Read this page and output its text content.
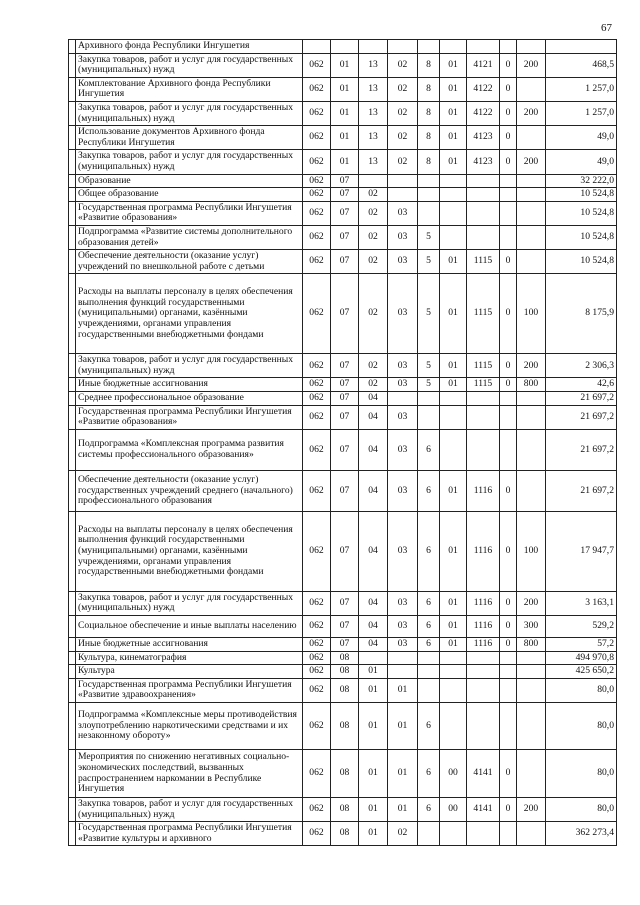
67
	Архивного фонда Республики Ингушетия										
	Закупка товаров, работ и услуг для государственных (муниципальных) нужд	062	01	13	02	8	01	4121	0	200	468,5
	Комплектование Архивного фонда Республики Ингушетия	062	01	13	02	8	01	4122	0		1 257,0
	Закупка товаров, работ и услуг для государственных (муниципальных) нужд	062	01	13	02	8	01	4122	0	200	1 257,0
	Использование документов Архивного фонда Республики Ингушетия	062	01	13	02	8	01	4123	0		49,0
	Закупка товаров, работ и услуг для государственных (муниципальных) нужд	062	01	13	02	8	01	4123	0	200	49,0
	Образование	062	07								32 222,0
	Общее образование	062	07	02							10 524,8
	Государственная программа Республики Ингушетия «Развитие образования»	062	07	02	03						10 524,8
	Подпрограмма «Развитие системы дополнительного образования детей»	062	07	02	03	5					10 524,8
	Обеспечение деятельности (оказание услуг) учреждений по внешкольной работе с детьми	062	07	02	03	5	01	1115	0		10 524,8
	Расходы на выплаты персоналу в целях обеспечения выполнения функций государственными (муниципальными) органами, казёнными учреждениями, органами управления государственными внебюджетными фондами	062	07	02	03	5	01	1115	0	100	8 175,9
	Закупка товаров, работ и услуг для государственных (муниципальных) нужд	062	07	02	03	5	01	1115	0	200	2 306,3
	Иные бюджетные ассигнования	062	07	02	03	5	01	1115	0	800	42,6
	Среднее профессиональное образование	062	07	04							21 697,2
	Государственная программа Республики Ингушетия «Развитие образования»	062	07	04	03						21 697,2
	Подпрограмма «Комплексная программа развития системы профессионального образования»	062	07	04	03	6					21 697,2
	Обеспечение деятельности (оказание услуг) государственных учреждений среднего (начального) профессионального образования	062	07	04	03	6	01	1116	0		21 697,2
	Расходы на выплаты персоналу в целях обеспечения выполнения функций государственными (муниципальными) органами, казёнными учреждениями, органами управления государственными внебюджетными фондами	062	07	04	03	6	01	1116	0	100	17 947,7
	Закупка товаров, работ и услуг для государственных (муниципальных) нужд	062	07	04	03	6	01	1116	0	200	3 163,1
	Социальное обеспечение и иные выплаты населению	062	07	04	03	6	01	1116	0	300	529,2
	Иные бюджетные ассигнования	062	07	04	03	6	01	1116	0	800	57,2
	Культура, кинематография	062	08								494 970,8
	Культура	062	08	01							425 650,2
	Государственная программа Республики Ингушетия «Развитие здравоохранения»	062	08	01	01						80,0
	Подпрограмма «Комплексные меры противодействия злоупотреблению наркотическими средствами и их незаконному обороту»	062	08	01	01	6					80,0
	Мероприятия по снижению негативных социально-экономических последствий, вызванных распространением наркомании в Республике Ингушетия	062	08	01	01	6	00	4141	0		80,0
	Закупка товаров, работ и услуг для государственных (муниципальных) нужд	062	08	01	01	6	00	4141	0	200	80,0
	Государственная программа Республики Ингушетия «Развитие культуры и архивного	062	08	01	02						362 273,4
